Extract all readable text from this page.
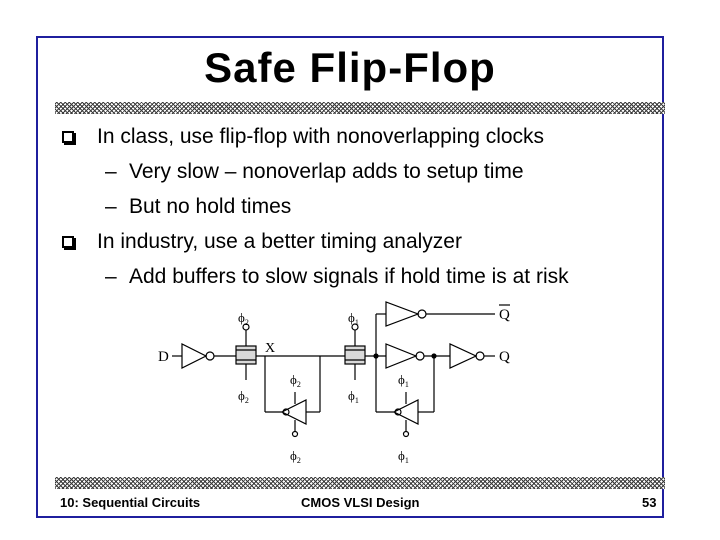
Safe Flip-Flop
In class, use flip-flop with nonoverlapping clocks
– Very slow – nonoverlap adds to setup time
– But no hold times
In industry, use a better timing analyzer
– Add buffers to slow signals if hold time is at risk
D
$\phi_2$
$\phi_2$
X
$\phi_2$
$\phi_2$
$\phi_1$
$\phi_1$
Q
Q
$\phi_1$
$\phi_1$
10: Sequential Circuits	CMOS VLSI Design	53
